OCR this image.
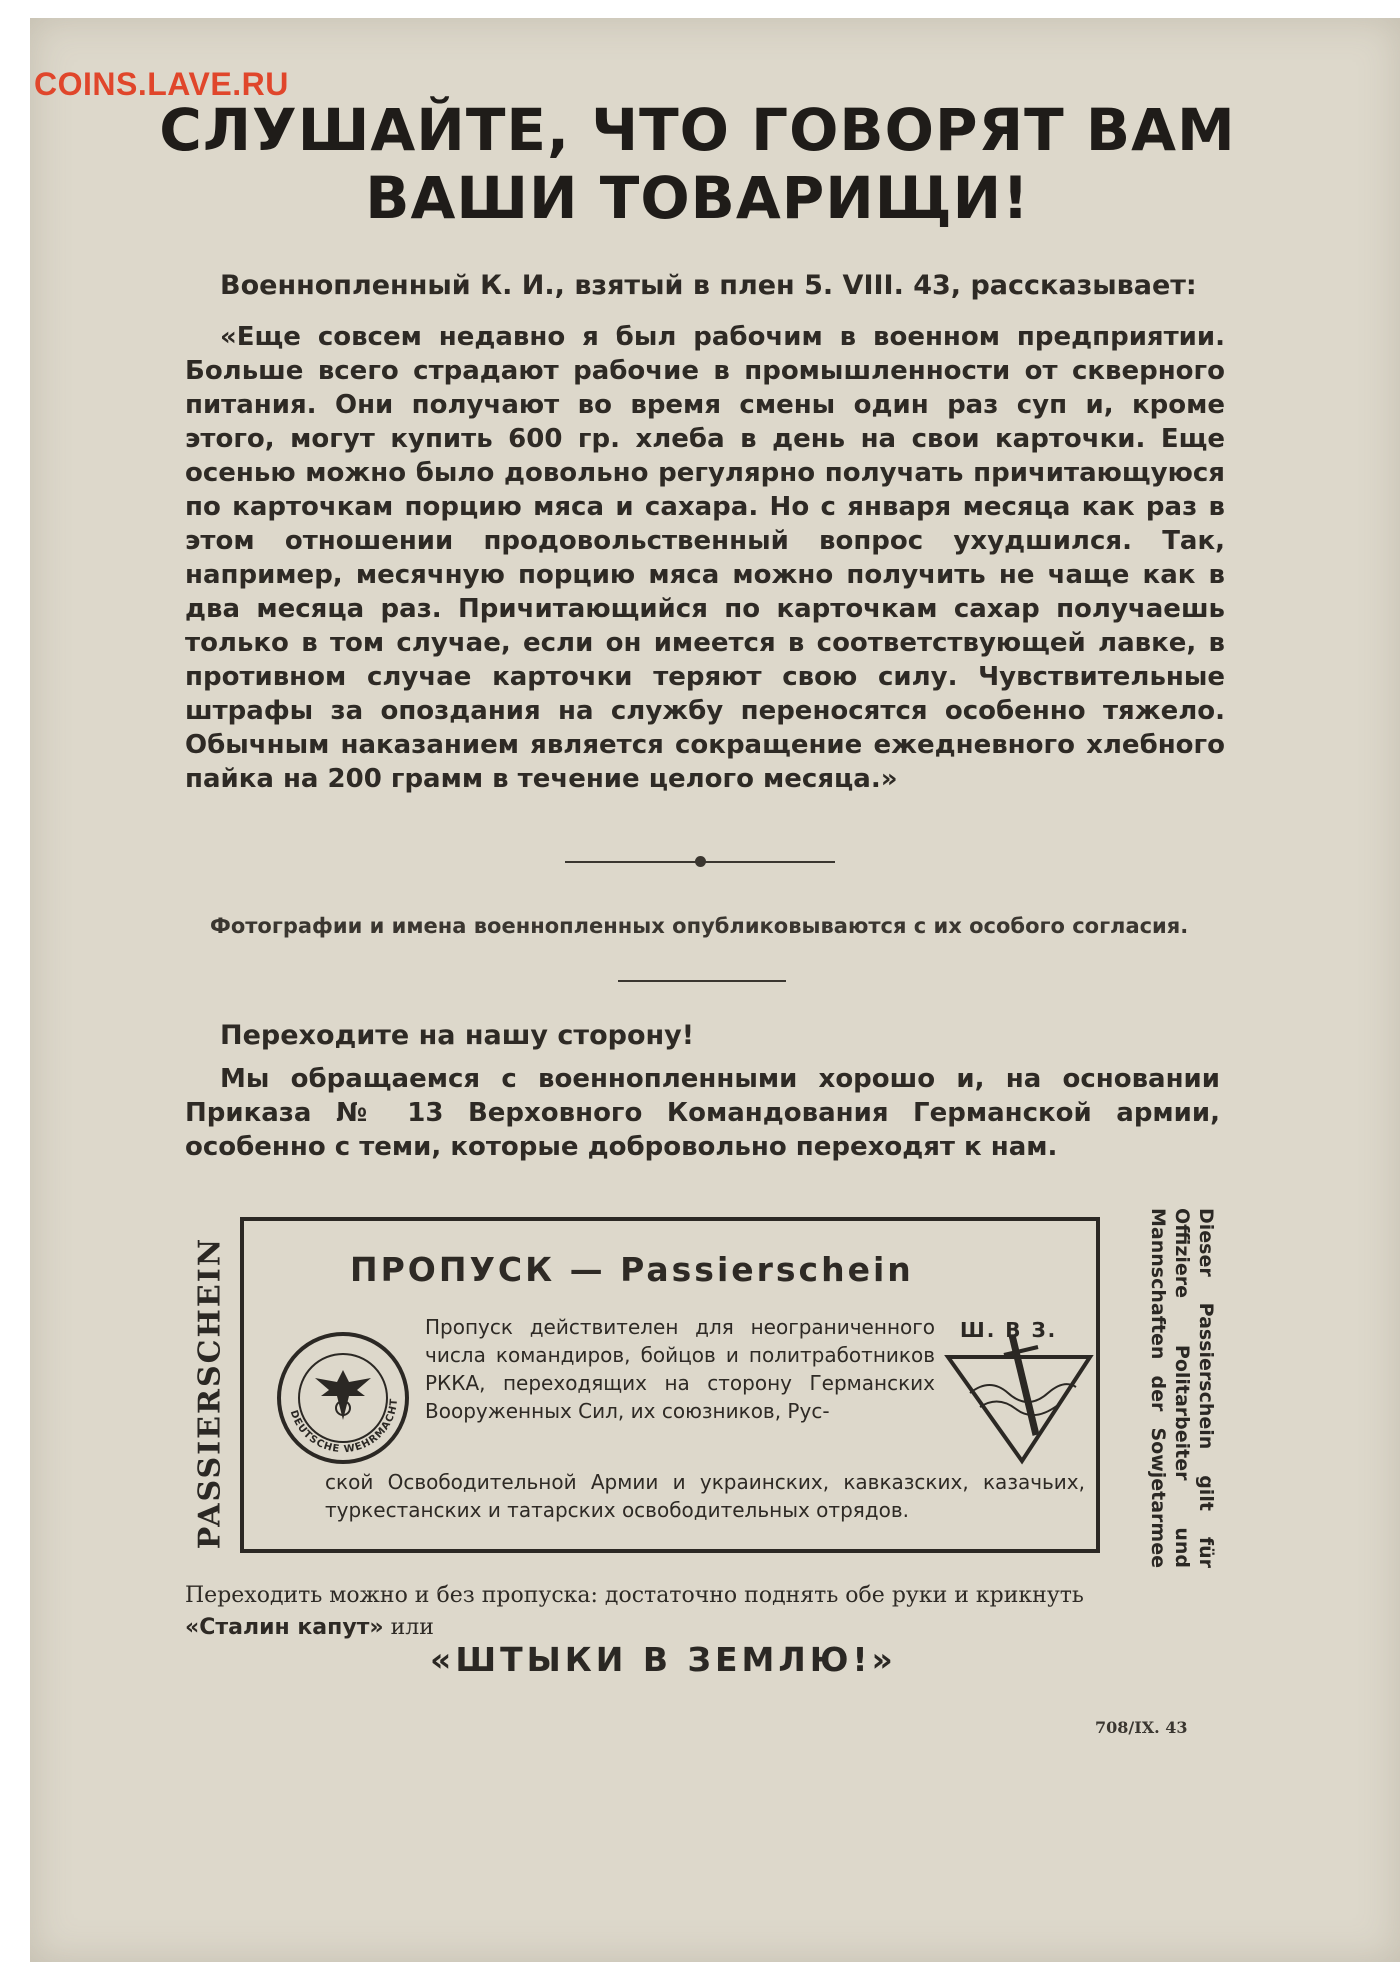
COINS.LAVE.RU
СЛУШАЙТЕ, ЧТО ГОВОРЯТ ВАМ
ВАШИ ТОВАРИЩИ!
Военнопленный К. И., взятый в плен 5. VIII. 43, рассказывает:
«Еще совсем недавно я был рабочим в военном предприятии. Больше всего страдают рабочие в промышленности от скверного питания. Они получают во время смены один раз суп и, кроме этого, могут купить 600 гр. хлеба в день на свои карточки. Еще осенью можно было довольно регулярно получать причитающуюся по карточкам порцию мяса и сахара. Но с января месяца как раз в этом отношении продовольственный вопрос ухудшился. Так, например, месячную порцию мяса можно получить не чаще как в два месяца раз. Причитающийся по карточкам сахар получаешь только в том случае, если он имеется в соответствующей лавке, в противном случае карточки теряют свою силу. Чувствительные штрафы за опоздания на службу переносятся особенно тяжело. Обычным наказанием является сокращение ежедневного хлебного пайка на 200 грамм в течение целого месяца.»
Фотографии и имена военнопленных опубликовываются с их особого согласия.
Переходите на нашу сторону!
Мы обращаемся с военнопленными хорошо и, на основании Приказа № 13 Верховного Командования Германской армии, особенно с теми, которые добровольно переходят к нам.
PASSIERSCHEIN	ПРОПУСК — Passierschein
DEUTSCHE WEHRMACHT
Пропуск действителен для неограниченного числа командиров, бойцов и политработников РККА, переходящих на сторону Германских Вооруженных Сил, их союзников, Рус-
ской Освободительной Армии и украинских, кавказских, казачьих, туркестанских и татарских освободительных отрядов.
Ш. В З.	Dieser Passierschein gilt für
Offiziere Politarbeiter und
Mannschaften der Sowjetarmee
Переходить можно и без пропуска: достаточно поднять обе руки и крикнуть
«Сталин капут» или
«ШТЫКИ В ЗЕМЛЮ!»
708/IX. 43
